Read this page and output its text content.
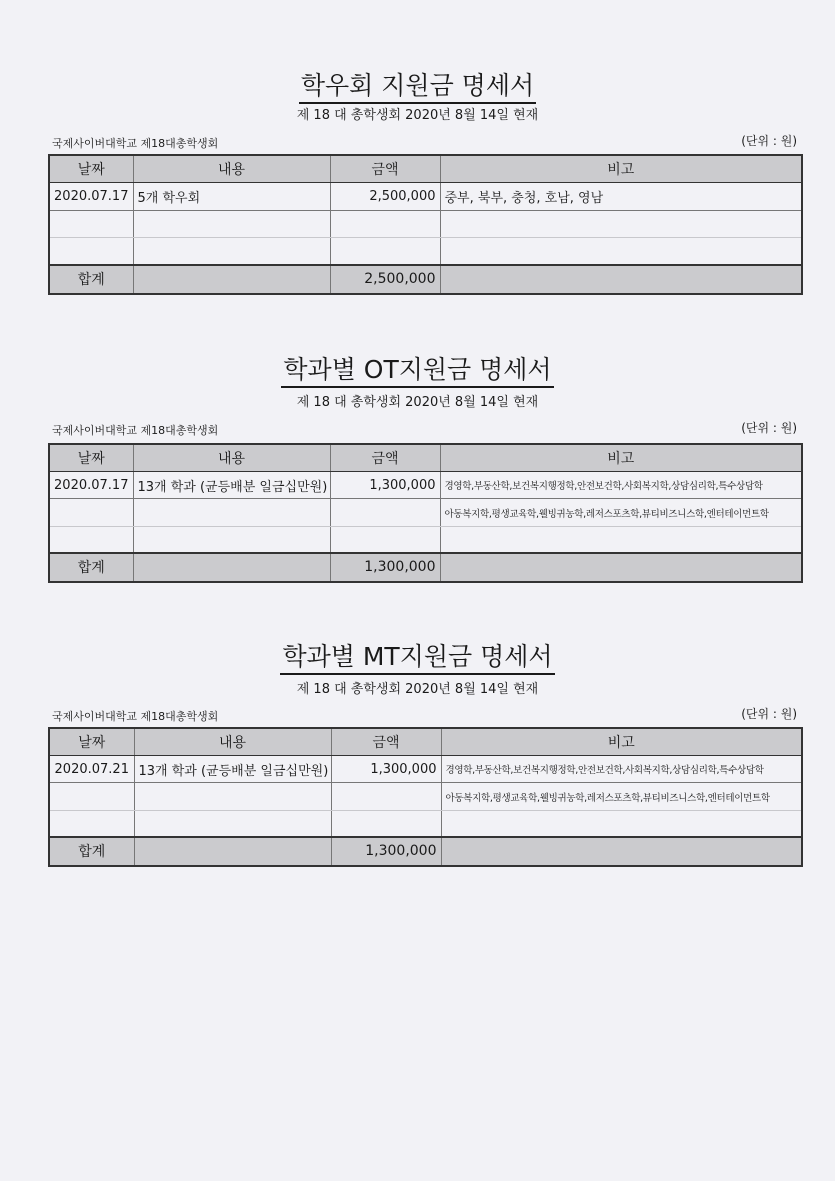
학우회 지원금 명세서
제 18 대 총학생회 2020년 8월 14일 현재
국제사이버대학교 제18대총학생회	(단위 : 원)
날짜	내용	금액	비고
2020.07.17	5개 학우회	2,500,000	중부, 북부, 충청, 호남, 영남

합계		2,500,000	
학과별 OT지원금 명세서
제 18 대 총학생회 2020년 8월 14일 현재
국제사이버대학교 제18대총학생회	(단위 : 원)
날짜	내용	금액	비고
2020.07.17	13개 학과 (균등배분 일금십만원)	1,300,000	경영학,부동산학,보건복지행정학,안전보건학,사회복지학,상담심리학,특수상담학
			아동복지학,평생교육학,웰빙귀농학,레저스포츠학,뷰티비즈니스학,엔터테이먼트학

합계		1,300,000	
학과별 MT지원금 명세서
제 18 대 총학생회 2020년 8월 14일 현재
국제사이버대학교 제18대총학생회	(단위 : 원)
날짜	내용	금액	비고
2020.07.21	13개 학과 (균등배분 일금십만원)	1,300,000	경영학,부동산학,보건복지행정학,안전보건학,사회복지학,상담심리학,특수상담학
			아동복지학,평생교육학,웰빙귀농학,레저스포츠학,뷰티비즈니스학,엔터테이먼트학

합계		1,300,000	
